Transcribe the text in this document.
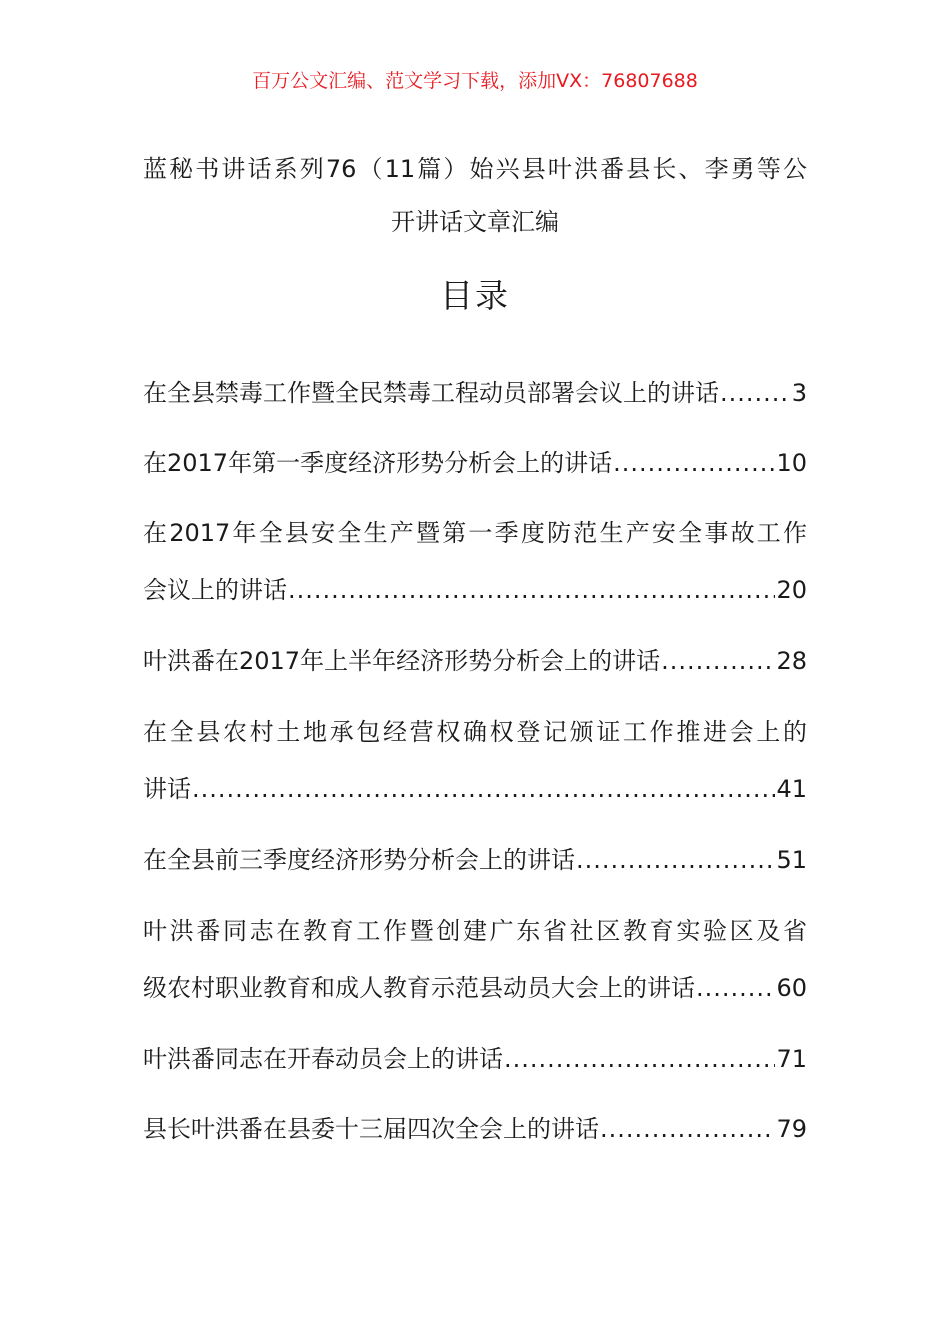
百万公文汇编、范文学习下载，添加VX：76807688
蓝秘书讲话系列76（11篇）始兴县叶洪番县长、李勇等公
开讲话文章汇编
目录
在全县禁毒工作暨全民禁毒工程动员部署会议上的讲话 .....	3
在2017年第一季度经济形势分析会上的讲话 .....	10
在2017年全县安全生产暨第一季度防范生产安全事故工作
会议上的讲话 .....	20
叶洪番在2017年上半年经济形势分析会上的讲话 .....	28
在全县农村土地承包经营权确权登记颁证工作推进会上的
讲话 .....	41
在全县前三季度经济形势分析会上的讲话 .....	51
叶洪番同志在教育工作暨创建广东省社区教育实验区及省
级农村职业教育和成人教育示范县动员大会上的讲话 .....	60
叶洪番同志在开春动员会上的讲话 .....	71
县长叶洪番在县委十三届四次全会上的讲话 .....	79
